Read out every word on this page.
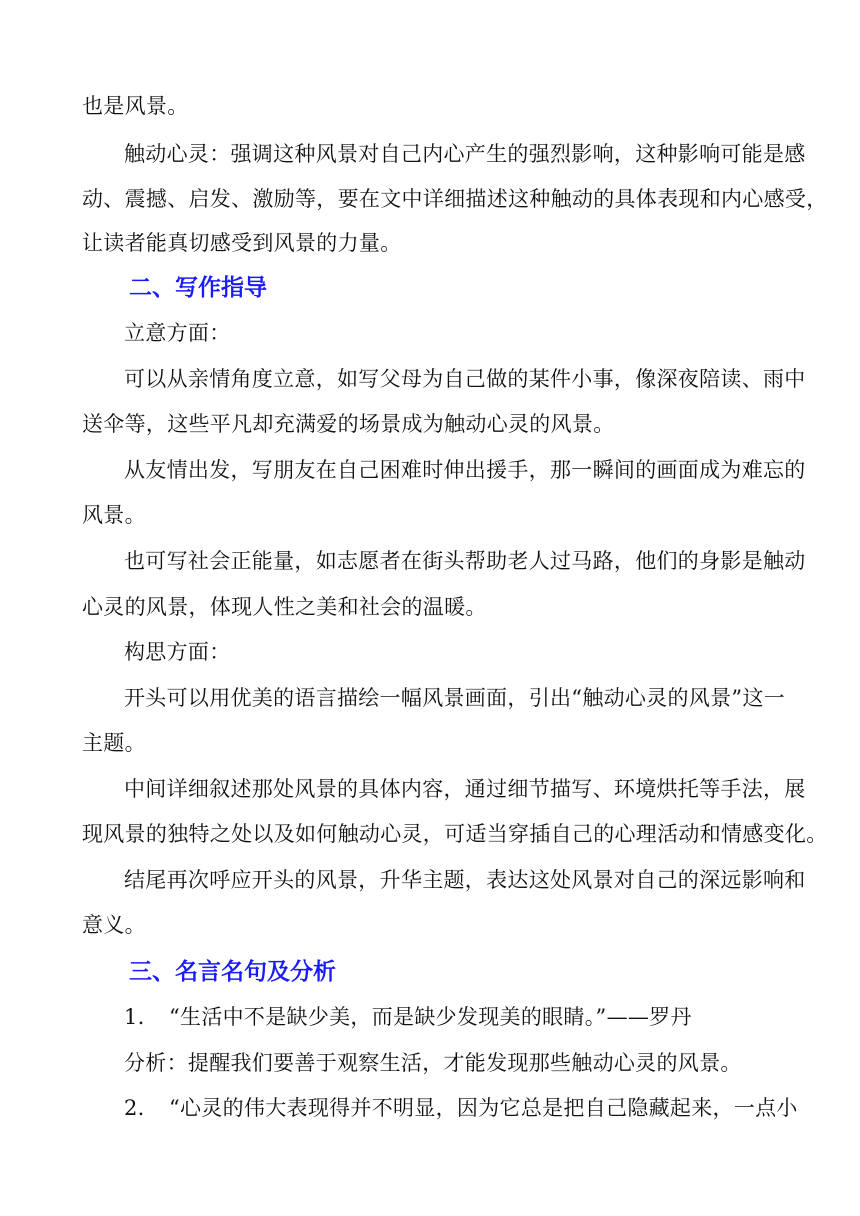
也是风景。
触动心灵：强调这种风景对自己内心产生的强烈影响，这种影响可能是感
动、震撼、启发、激励等，要在文中详细描述这种触动的具体表现和内心感受，
让读者能真切感受到风景的力量。
二、写作指导
立意方面：
可以从亲情角度立意，如写父母为自己做的某件小事，像深夜陪读、雨中
送伞等，这些平凡却充满爱的场景成为触动心灵的风景。
从友情出发，写朋友在自己困难时伸出援手，那一瞬间的画面成为难忘的
风景。
也可写社会正能量，如志愿者在街头帮助老人过马路，他们的身影是触动
心灵的风景，体现人性之美和社会的温暖。
构思方面：
开头可以用优美的语言描绘一幅风景画面，引出“触动心灵的风景”这一
主题。
中间详细叙述那处风景的具体内容，通过细节描写、环境烘托等手法，展
现风景的独特之处以及如何触动心灵，可适当穿插自己的心理活动和情感变化。
结尾再次呼应开头的风景，升华主题，表达这处风景对自己的深远影响和
意义。
三、名言名句及分析
1. “生活中不是缺少美，而是缺少发现美的眼睛。”——罗丹
分析：提醒我们要善于观察生活，才能发现那些触动心灵的风景。
2. “心灵的伟大表现得并不明显，因为它总是把自己隐藏起来，一点小
